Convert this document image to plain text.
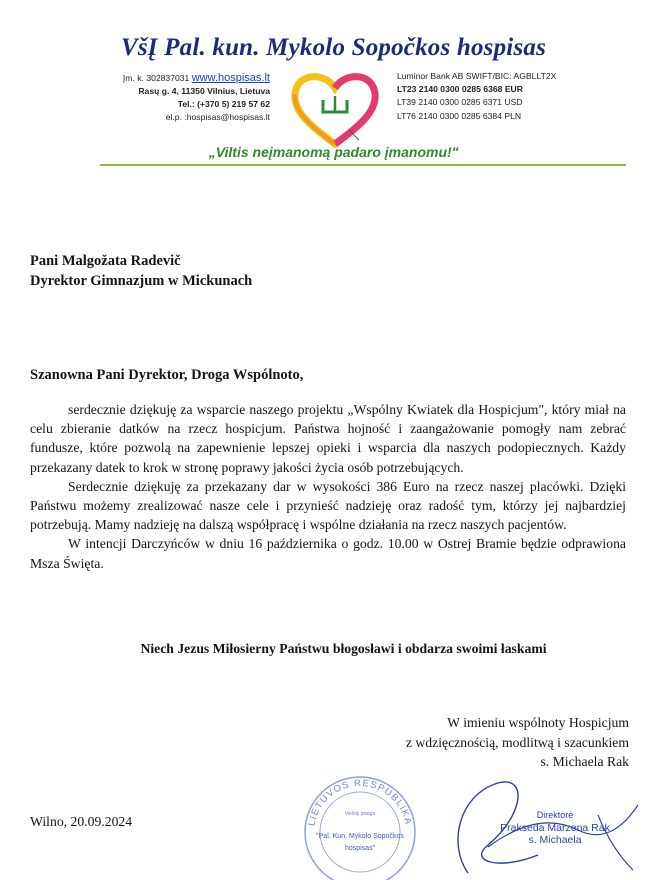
VšĮ Pal. kun. Mykolo Sopočkos hospisas
Įm. k. 302837031 www.hospisas.lt
Rasų g. 4, 11350 Vilnius, Lietuva
Tel.: (+370 5) 219 57 62
el.p. :hospisas@hospisas.lt
Luminor Bank AB SWIFT/BIC: AGBLLT2X
LT23 2140 0300 0285 6368 EUR
LT39 2140 0300 0285 6371 USD
LT76 2140 0300 0285 6384 PLN
„Viltis neįmanomą padaro įmanomu!"
Pani Malgožata Radevič
Dyrektor Gimnazjum w Mickunach
Szanowna Pani Dyrektor, Droga Wspólnoto,

serdecznie dziękuję za wsparcie naszego projektu „Wspólny Kwiatek dla Hospicjum", który miał na celu zbieranie datków na rzecz hospicjum. Państwa hojność i zaangażowanie pomogły nam zebrać fundusze, które pozwolą na zapewnienie lepszej opieki i wsparcia dla naszych podopiecznych. Każdy przekazany datek to krok w stronę poprawy jakości życia osób potrzebujących.

Serdecznie dziękuję za przekazany dar w wysokości 386 Euro na rzecz naszej placówki. Dzięki Państwu możemy zrealizować nasze cele i przynieść nadzieję oraz radość tym, którzy jej najbardziej potrzebują. Mamy nadzieję na dalszą współpracę i wspólne działania na rzecz naszych pacjentów.

W intencji Darczyńców w dniu 16 października o godz. 10.00 w Ostrej Bramie będzie odprawiona Msza Święta.

Niech Jezus Miłosierny Państwu błogosławi i obdarza swoimi łaskami
W imieniu wspólnoty Hospicjum
z wdzięcznością, modlitwą i szacunkiem
s. Michaela Rak
Wilno, 20.09.2024	LIETUVOS RESPUBLIKA
Viešoji įstaiga
"Pal. Kun. Mykolo Sopočkos
hospisas"
Direktorė
Prakseda Marzena Rak
s. Michaela
